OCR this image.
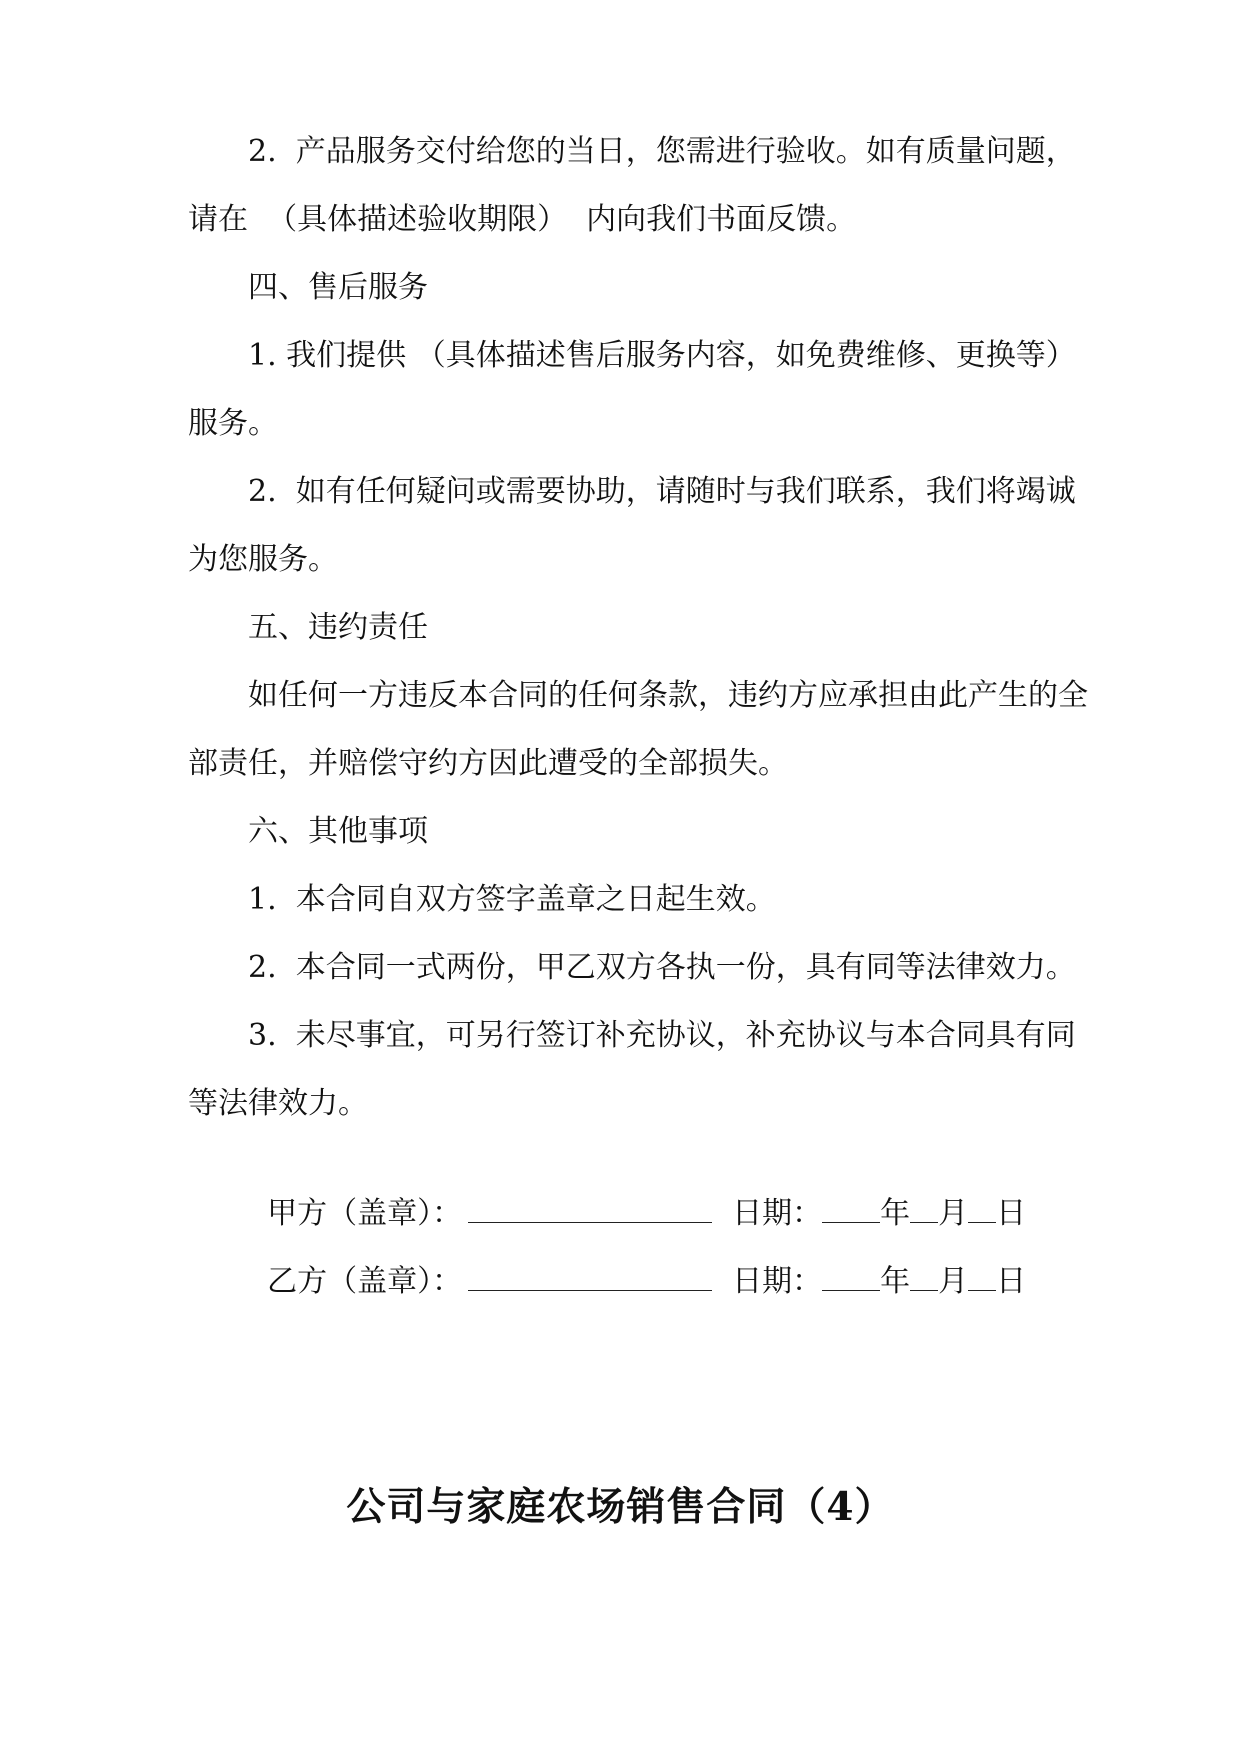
2.  产品服务交付给您的当日，您需进行验收。如有质量问题，
请在  （具体描述验收期限）  内向我们书面反馈。
四、售后服务
1. 我们提供 （具体描述售后服务内容，如免费维修、更换等）
服务。
2.  如有任何疑问或需要协助，请随时与我们联系，我们将竭诚
为您服务。
五、违约责任
如任何一方违反本合同的任何条款，违约方应承担由此产生的全
部责任，并赔偿守约方因此遭受的全部损失。
六、其他事项
1.  本合同自双方签字盖章之日起生效。
2.  本合同一式两份，甲乙双方各执一份，具有同等法律效力。
3.  未尽事宜，可另行签订补充协议，补充协议与本合同具有同
等法律效力。

甲方（盖章）：	日期： 年 月 日

乙方（盖章）：	日期： 年 月 日

公司与家庭农场销售合同（4）
